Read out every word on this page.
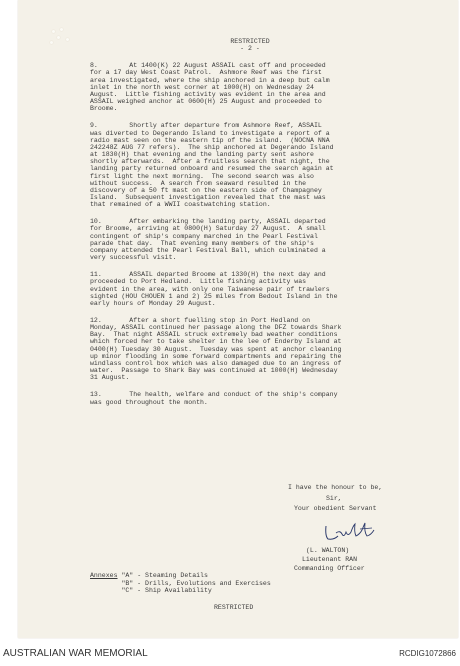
RESTRICTED

- 2 -

8.        At 1400(K) 22 August ASSAIL cast off and proceeded

for a 17 day West Coast Patrol.  Ashmore Reef was the first

area investigated, where the ship anchored in a deep but calm

inlet in the north west corner at 1000(H) on Wednesday 24

August.  Little fishing activity was evident in the area and

ASSAIL weighed anchor at 0600(H) 25 August and proceeded to

Broome.

9.        Shortly after departure from Ashmore Reef, ASSAIL

was diverted to Degerando Island to investigate a report of a

radio mast seen on the eastern tip of the island.  (NOCNA NNA

242248Z AUG 77 refers).  The ship anchored at Degerando Island

at 1830(H) that evening and the landing party sent ashore

shortly afterwards.  After a fruitless search that night, the

landing party returned onboard and resumed the search again at

first light the next morning.  The second search was also

without success.  A search from seaward resulted in the

discovery of a 50 ft mast on the eastern side of Champagney

Island.  Subsequent investigation revealed that the mast was

that remained of a WWII coastwatching station.

10.       After embarking the landing party, ASSAIL departed

for Broome, arriving at 0800(H) Saturday 27 August.  A small

contingent of ship's company marched in the Pearl Festival

parade that day.  That evening many members of the ship's

company attended the Pearl Festival Ball, which culminated a

very successful visit.

11.       ASSAIL departed Broome at 1330(H) the next day and

proceeded to Port Hedland.  Little fishing activity was

evident in the area, with only one Taiwanese pair of trawlers

sighted (HOU CHOUEN 1 and 2) 25 miles from Bedout Island in the

early hours of Monday 29 August.

12.       After a short fuelling stop in Port Hedland on

Monday, ASSAIL continued her passage along the DFZ towards Shark

Bay.  That night ASSAIL struck extremely bad weather conditions

which forced her to take shelter in the lee of Enderby Island at

0400(H) Tuesday 30 August.  Tuesday was spent at anchor cleaning

up minor flooding in some forward compartments and repairing the

windlass control box which was also damaged due to an ingress of

water.  Passage to Shark Bay was continued at 1000(H) Wednesday

31 August.

13.       The health, welfare and conduct of the ship's company

was good throughout the month.

I have the honour to be,
Sir,
Your obedient Servant
(L. WALTON)
Lieutenant RAN
Commanding Officer
Annexes "A" - Steaming Details
"B" - Drills, Evolutions and Exercises
"C" - Ship Availability
RESTRICTED
AUSTRALIAN WAR MEMORIAL	RCDIG1072866
